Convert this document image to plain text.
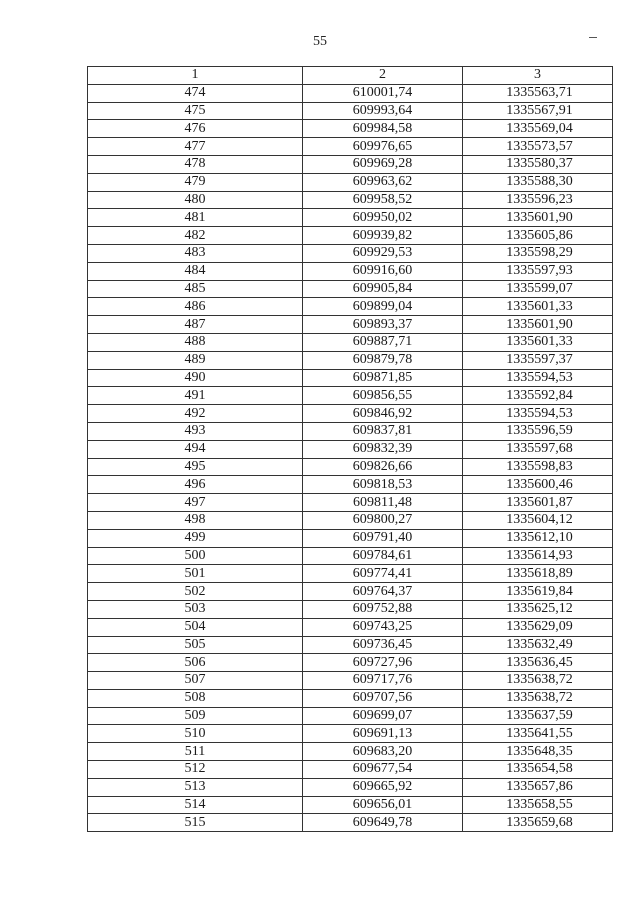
55
1	2	3
474	610001,74	1335563,71
475	609993,64	1335567,91
476	609984,58	1335569,04
477	609976,65	1335573,57
478	609969,28	1335580,37
479	609963,62	1335588,30
480	609958,52	1335596,23
481	609950,02	1335601,90
482	609939,82	1335605,86
483	609929,53	1335598,29
484	609916,60	1335597,93
485	609905,84	1335599,07
486	609899,04	1335601,33
487	609893,37	1335601,90
488	609887,71	1335601,33
489	609879,78	1335597,37
490	609871,85	1335594,53
491	609856,55	1335592,84
492	609846,92	1335594,53
493	609837,81	1335596,59
494	609832,39	1335597,68
495	609826,66	1335598,83
496	609818,53	1335600,46
497	609811,48	1335601,87
498	609800,27	1335604,12
499	609791,40	1335612,10
500	609784,61	1335614,93
501	609774,41	1335618,89
502	609764,37	1335619,84
503	609752,88	1335625,12
504	609743,25	1335629,09
505	609736,45	1335632,49
506	609727,96	1335636,45
507	609717,76	1335638,72
508	609707,56	1335638,72
509	609699,07	1335637,59
510	609691,13	1335641,55
511	609683,20	1335648,35
512	609677,54	1335654,58
513	609665,92	1335657,86
514	609656,01	1335658,55
515	609649,78	1335659,68
